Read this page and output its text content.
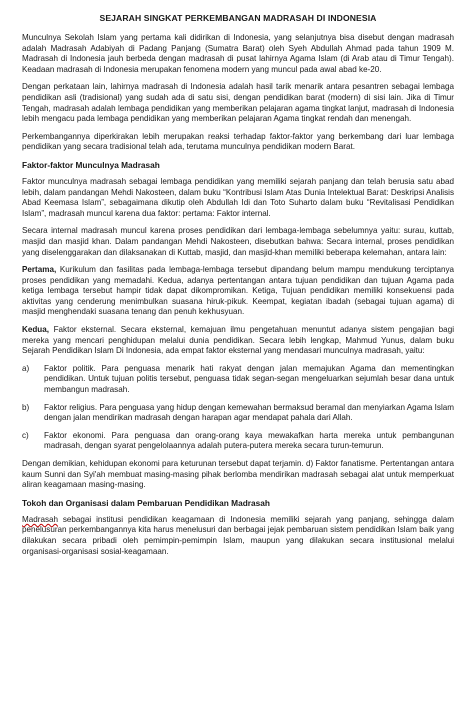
SEJARAH SINGKAT PERKEMBANGAN MADRASAH DI INDONESIA

Munculnya Sekolah Islam yang pertama kali didirikan di Indonesia, yang selanjutnya bisa disebut dengan madrasah adalah Madrasah Adabiyah di Padang Panjang (Sumatra Barat) oleh Syeh Abdullah Ahmad pada tahun 1909 M. Madrasah di Indonesia jauh berbeda dengan madrasah di pusat lahirnya Agama Islam (di Arab atau di Timur Tengah). Keadaan madrasah di Indonesia merupakan fenomena modern yang muncul pada awal abad ke-20.

Dengan perkataan lain, lahirnya madrasah di Indonesia adalah hasil tarik menarik antara pesantren sebagai lembaga pendidikan asli (tradisional) yang sudah ada di satu sisi, dengan pendidikan barat (modern) di sisi lain. Jika di Timur Tengah, madrasah adalah lembaga pendidikan yang memberikan pelajaran agama tingkat lanjut, madrasah di Indonesia lebih mengacu pada lembaga pendidikan yang memberikan pelajaran Agama tingkat rendah dan menengah.

Perkembangannya diperkirakan lebih merupakan reaksi terhadap faktor-faktor yang berkembang dari luar lembaga pendidikan yang secara tradisional telah ada, terutama munculnya pendidikan modern Barat.

Faktor-faktor Munculnya Madrasah

Faktor munculnya madrasah sebagai lembaga pendidikan yang memiliki sejarah panjang dan telah berusia satu abad lebih, dalam pandangan Mehdi Nakosteen, dalam buku “Kontribusi Islam Atas Dunia Intelektual Barat: Deskripsi Analisis Abad Keemasa Islam”, sebagaimana dikutip oleh Abdullah Idi dan Toto Suharto dalam buku “Revitalisasi Pendidikan Islam”, madrasah muncul karena dua faktor: pertama: Faktor internal.

Secara internal madrasah muncul karena proses pendidikan dari lembaga-lembaga sebelumnya yaitu: surau, kuttab, masjid dan masjid khan. Dalam pandangan Mehdi Nakosteen, disebutkan bahwa: Secara internal, proses pendidikan yang diselenggarakan dan dilaksanakan di Kuttab, masjid, dan masjid-khan memiliki beberapa kelemahan, antara lain:

Pertama, Kurikulum dan fasilitas pada lembaga-lembaga tersebut dipandang belum mampu mendukung terciptanya proses pendidikan yang memadahi. Kedua, adanya pertentangan antara tujuan pendidikan dan tujuan Agama pada ketiga lembaga tersebut hampir tidak dapat dikompromikan. Ketiga, Tujuan pendidikan memiliki konsekuensi pada aktivitas yang cenderung menimbulkan suasana hiruk-pikuk. Keempat, kegiatan ibadah (sebagai tujuan agama) di masjid menghendaki suasana tenang dan penuh kekhusyuan.

Kedua, Faktor eksternal. Secara eksternal, kemajuan ilmu pengetahuan menuntut adanya sistem pengajian bagi mereka yang mencari penghidupan melalui dunia pendidikan. Secara lebih lengkap, Mahmud Yunus, dalam buku Sejarah Pendidikan Islam Di Indonesia, ada empat faktor eksternal yang mendasari munculnya madrasah, yaitu:

a)	Faktor politik. Para penguasa menarik hati rakyat dengan jalan memajukan Agama dan mementingkan pendidikan. Untuk tujuan politis tersebut, penguasa tidak segan-segan mengeluarkan sejumlah besar dana untuk membangun madrasah.
b)	Faktor religius. Para penguasa yang hidup dengan kemewahan bermaksud beramal dan menyiarkan Agama Islam dengan jalan mendirikan madrasah dengan harapan agar mendapat pahala dari Allah.
c)	Faktor ekonomi. Para penguasa dan orang-orang kaya mewakafkan harta mereka untuk pembangunan madrasah, dengan syarat pengelolaannya adalah putera-putera mereka secara turun-temurun.

Dengan demikian, kehidupan ekonomi para keturunan tersebut dapat terjamin. d) Faktor fanatisme. Pertentangan antara kaum Sunni dan Syi'ah membuat masing-masing pihak berlomba mendirikan madrasah sebagai alat untuk memperkuat aliran keagamaan masing-masing.

Tokoh dan Organisasi dalam Pembaruan Pendidikan Madrasah

Madrasah sebagai institusi pendidikan keagamaan di Indonesia memiliki sejarah yang panjang, sehingga dalam penelusuran perkembangannya kita harus menelusuri dan berbagai jejak pembaruan sistem pendidikan Islam baik yang dilakukan secara pribadi oleh pemimpin-pemimpin Islam, maupun yang dilakukan secara institusional melalui organisasi-organisasi sosial-keagamaan.
